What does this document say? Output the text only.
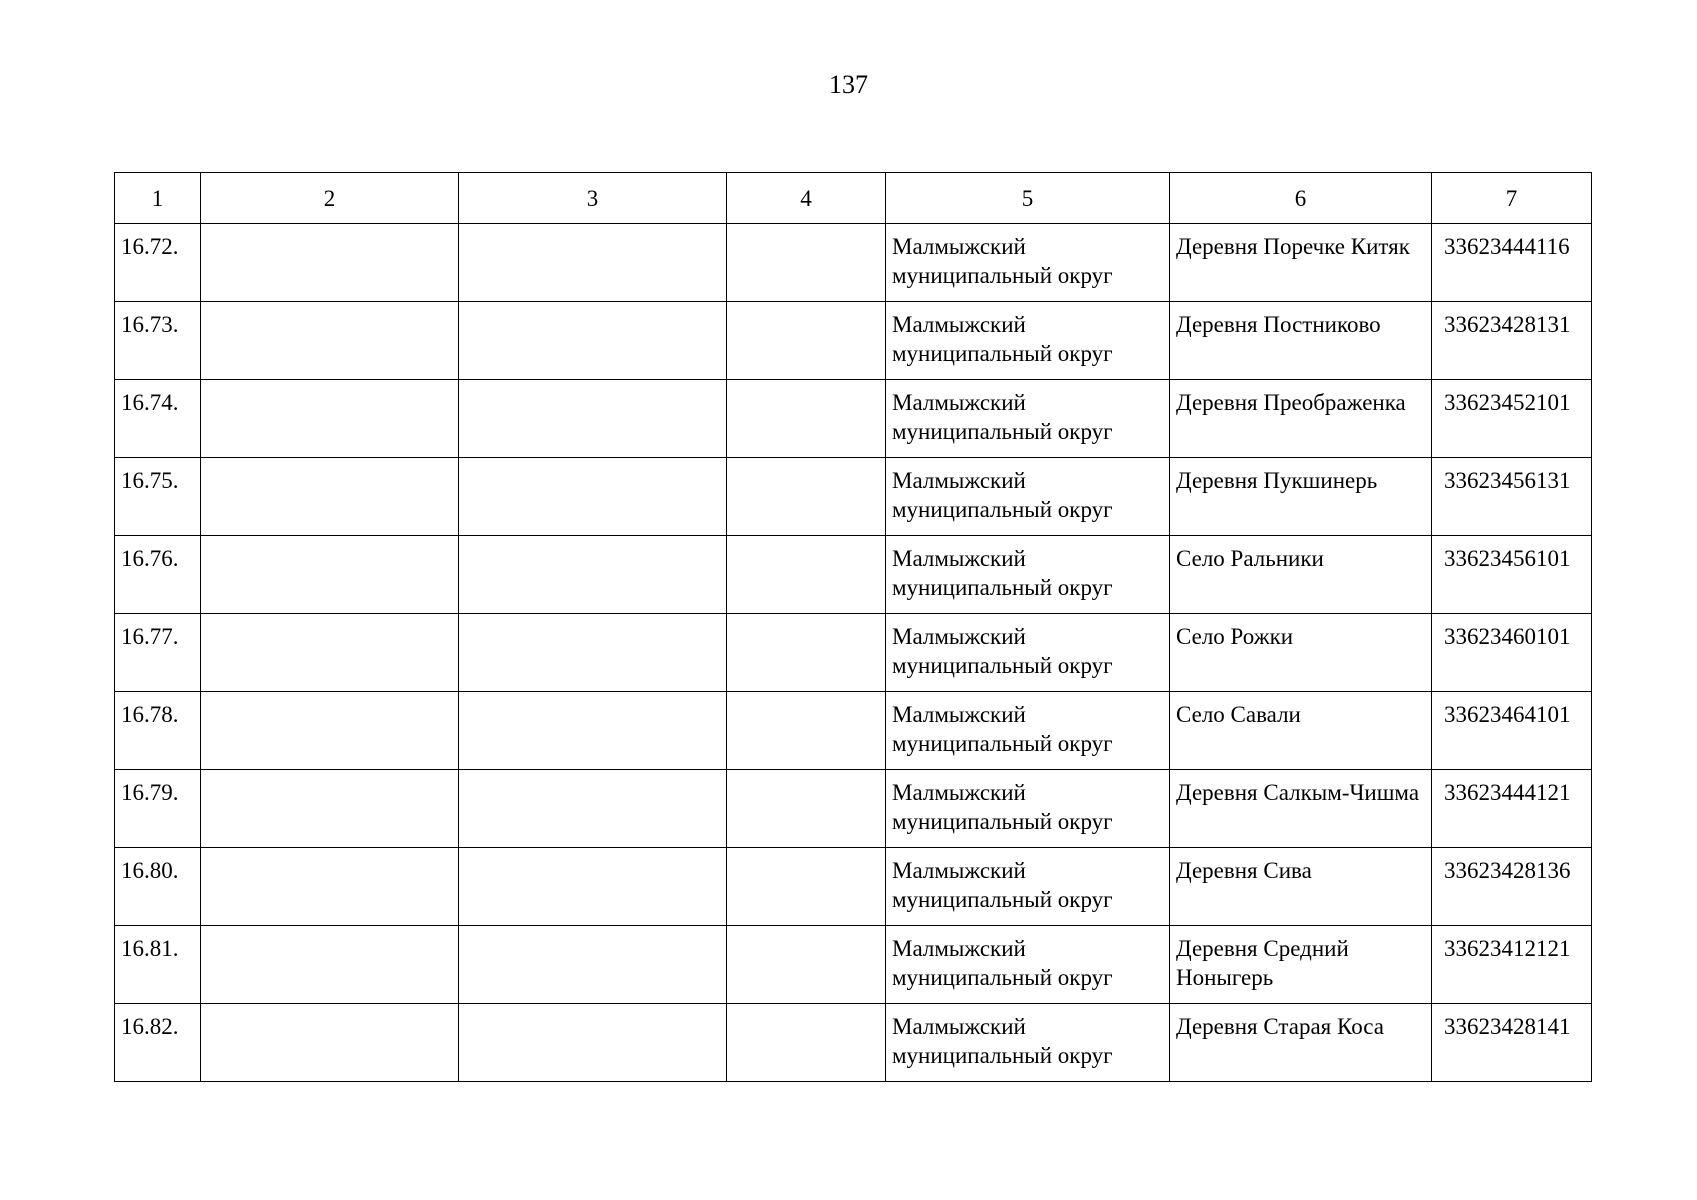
137
1	2	3	4	5	6	7
16.72.				Малмыжский муниципальный округ	Деревня Поречке Китяк	33623444116
16.73.				Малмыжский муниципальный округ	Деревня Постниково	33623428131
16.74.				Малмыжский муниципальный округ	Деревня Преображенка	33623452101
16.75.				Малмыжский муниципальный округ	Деревня Пукшинерь	33623456131
16.76.				Малмыжский муниципальный округ	Село Ральники	33623456101
16.77.				Малмыжский муниципальный округ	Село Рожки	33623460101
16.78.				Малмыжский муниципальный округ	Село Савали	33623464101
16.79.				Малмыжский муниципальный округ	Деревня Салкым-Чишма	33623444121
16.80.				Малмыжский муниципальный округ	Деревня Сива	33623428136
16.81.				Малмыжский муниципальный округ	Деревня Средний Ноныгерь	33623412121
16.82.				Малмыжский муниципальный округ	Деревня Старая Коса	33623428141
